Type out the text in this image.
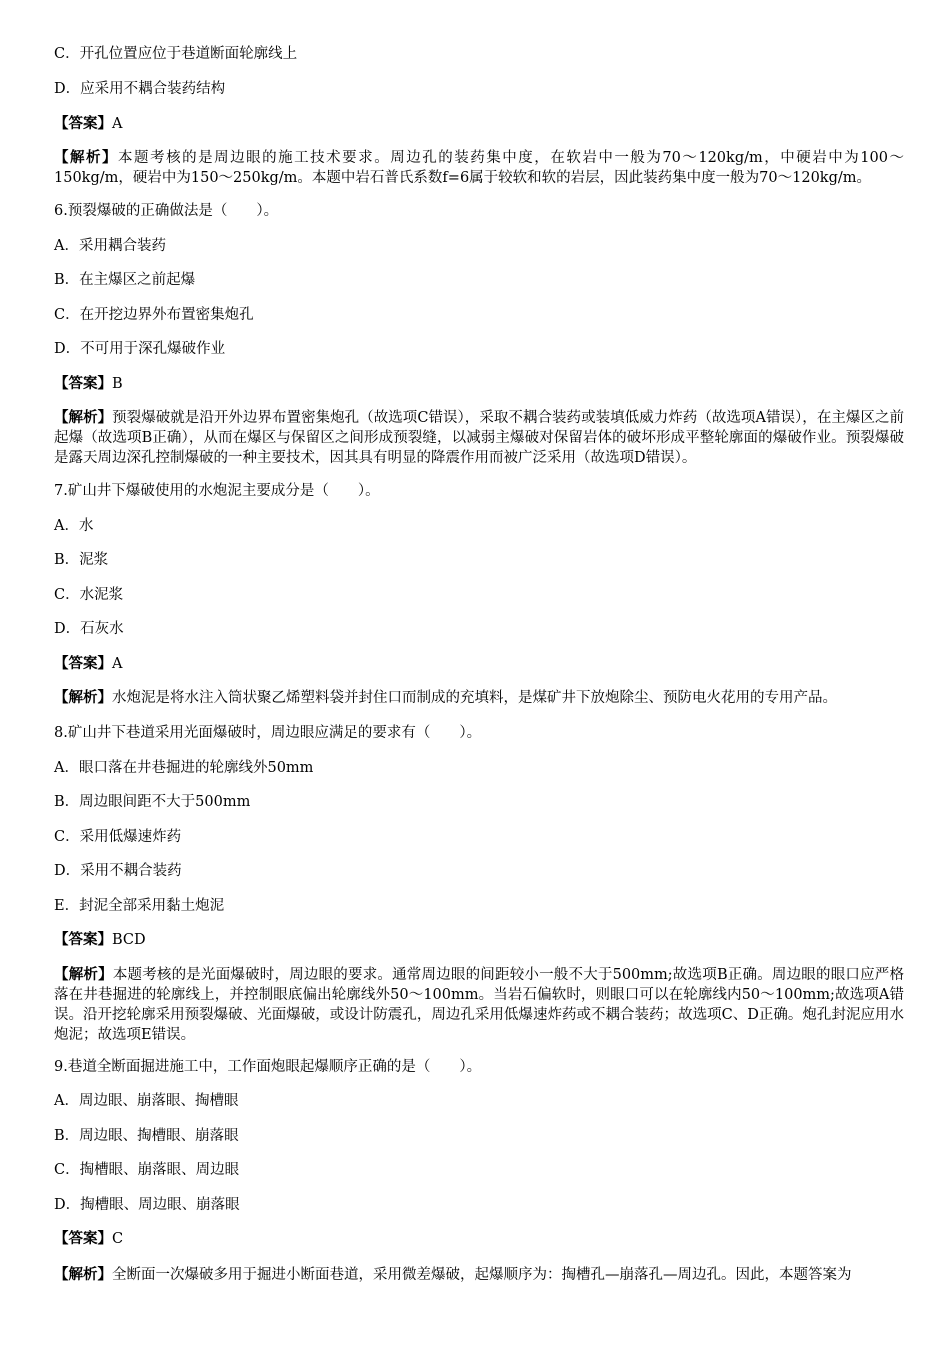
C．开孔位置应位于巷道断面轮廓线上
D．应采用不耦合装药结构
【答案】A
【解析】本题考核的是周边眼的施工技术要求。周边孔的装药集中度，在软岩中一般为70～120kg/m，中硬岩中为100～150kg/m，硬岩中为150～250kg/m。本题中岩石普氏系数f=6属于较软和软的岩层，因此装药集中度一般为70～120kg/m。
6.预裂爆破的正确做法是（　　）。
A．采用耦合装药
B．在主爆区之前起爆
C．在开挖边界外布置密集炮孔
D．不可用于深孔爆破作业
【答案】B
【解析】预裂爆破就是沿开外边界布置密集炮孔（故选项C错误），采取不耦合装药或装填低威力炸药（故选项A错误），在主爆区之前起爆（故选项B正确），从而在爆区与保留区之间形成预裂缝，以减弱主爆破对保留岩体的破坏形成平整轮廓面的爆破作业。预裂爆破是露天周边深孔控制爆破的一种主要技术，因其具有明显的降震作用而被广泛采用（故选项D错误）。
7.矿山井下爆破使用的水炮泥主要成分是（　　）。
A．水
B．泥浆
C．水泥浆
D．石灰水
【答案】A
【解析】水炮泥是将水注入筒状聚乙烯塑料袋并封住口而制成的充填料，是煤矿井下放炮除尘、预防电火花用的专用产品。
8.矿山井下巷道采用光面爆破时，周边眼应满足的要求有（　　）。
A．眼口落在井巷掘进的轮廓线外50mm
B．周边眼间距不大于500mm
C．采用低爆速炸药
D．采用不耦合装药
E．封泥全部采用黏土炮泥
【答案】BCD
【解析】本题考核的是光面爆破时，周边眼的要求。通常周边眼的间距较小一般不大于500mm;故选项B正确。周边眼的眼口应严格落在井巷掘进的轮廓线上，并控制眼底偏出轮廓线外50～100mm。当岩石偏软时，则眼口可以在轮廓线内50～100mm;故选项A错误。沿开挖轮廓采用预裂爆破、光面爆破，或设计防震孔，周边孔采用低爆速炸药或不耦合装药；故选项C、D正确。炮孔封泥应用水炮泥；故选项E错误。
9.巷道全断面掘进施工中，工作面炮眼起爆顺序正确的是（　　）。
A．周边眼、崩落眼、掏槽眼
B．周边眼、掏槽眼、崩落眼
C．掏槽眼、崩落眼、周边眼
D．掏槽眼、周边眼、崩落眼
【答案】C
【解析】全断面一次爆破多用于掘进小断面巷道，采用微差爆破，起爆顺序为：掏槽孔—崩落孔—周边孔。因此，本题答案为
